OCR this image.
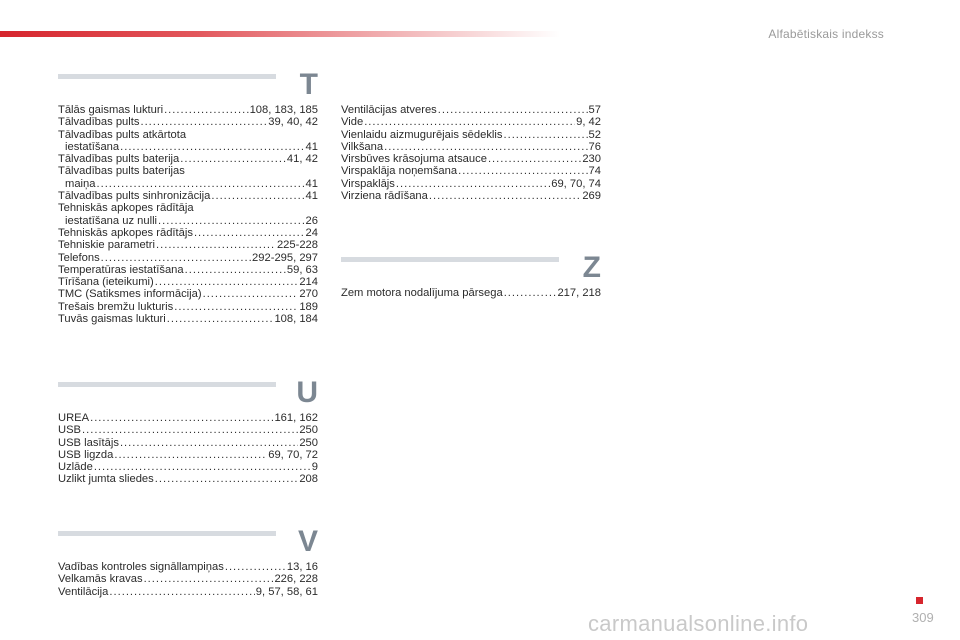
Alfabētiskais indekss
T
Tālās gaismas lukturi .....	108, 183, 185
Tālvadības pults .....	39, 40, 42
Tālvadības pults atkārtota
iestatīšana .....	41
Tālvadības pults baterija .....	41, 42
Tālvadības pults baterijas
maiņa .....	41
Tālvadības pults sinhronizācija .....	41
Tehniskās apkopes rādītāja
iestatīšana uz nulli .....	26
Tehniskās apkopes rādītājs .....	24
Tehniskie parametri .....	225-228
Telefons .....	292-295, 297
Temperatūras iestatīšana .....	59, 63
Tīrīšana (ieteikumi) .....	214
TMC (Satiksmes informācija) .....	270
Trešais bremžu lukturis .....	189
Tuvās gaismas lukturi .....	108, 184
U
UREA .....	161, 162
USB .....	250
USB lasītājs .....	250
USB ligzda .....	69, 70, 72
Uzlāde .....	9
Uzlikt jumta sliedes .....	208
V
Vadības kontroles signāllampiņas .....	13, 16
Velkamās kravas .....	226, 228
Ventilācija .....	9, 57, 58, 61
Ventilācijas atveres .....	57
Vide .....	9, 42
Vienlaidu aizmugurējais sēdeklis .....	52
Vilkšana .....	76
Virsbūves krāsojuma atsauce .....	230
Virspaklāja noņemšana .....	74
Virspaklājs .....	69, 70, 74
Virziena rādīšana .....	269
Z
Zem motora nodalījuma pārsega .....	217, 218
309
carmanualsonline.info
